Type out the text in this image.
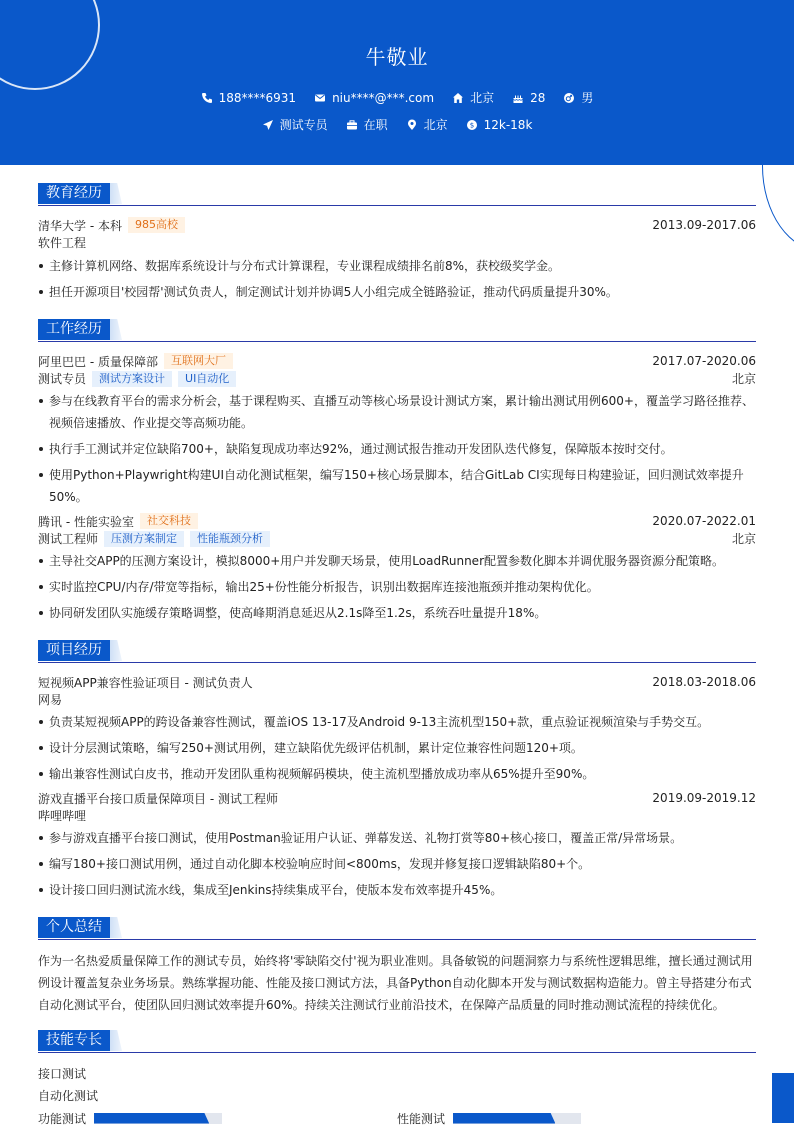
牛敬业
188****6931	niu****@***.com	北京	28	男
测试专员	在职	北京	$ 12k-18k
教育经历
清华大学 - 本科	985高校	2013.09-2017.06
软件工程
主修计算机网络、数据库系统设计与分布式计算课程，专业课程成绩排名前8%，获校级奖学金。
担任开源项目'校园帮'测试负责人，制定测试计划并协调5人小组完成全链路验证，推动代码质量提升30%。
工作经历
阿里巴巴 - 质量保障部	互联网大厂	2017.07-2020.06
测试专员	测试方案设计	UI自动化	北京
参与在线教育平台的需求分析会，基于课程购买、直播互动等核心场景设计测试方案，累计输出测试用例600+，覆盖学习路径推荐、
视频倍速播放、作业提交等高频功能。
执行手工测试并定位缺陷700+，缺陷复现成功率达92%，通过测试报告推动开发团队迭代修复，保障版本按时交付。
使用Python+Playwright构建UI自动化测试框架，编写150+核心场景脚本，结合GitLab CI实现每日构建验证，回归测试效率提升50%。
腾讯 - 性能实验室	社交科技	2020.07-2022.01
测试工程师	压测方案制定	性能瓶颈分析	北京
主导社交APP的压测方案设计，模拟8000+用户并发聊天场景，使用LoadRunner配置参数化脚本并调优服务器资源分配策略。
实时监控CPU/内存/带宽等指标，输出25+份性能分析报告，识别出数据库连接池瓶颈并推动架构优化。
协同研发团队实施缓存策略调整，使高峰期消息延迟从2.1s降至1.2s，系统吞吐量提升18%。
项目经历
短视频APP兼容性验证项目 - 测试负责人	2018.03-2018.06
网易
负责某短视频APP的跨设备兼容性测试，覆盖iOS 13-17及Android 9-13主流机型150+款，重点验证视频渲染与手势交互。
设计分层测试策略，编写250+测试用例，建立缺陷优先级评估机制，累计定位兼容性问题120+项。
输出兼容性测试白皮书，推动开发团队重构视频解码模块，使主流机型播放成功率从65%提升至90%。
游戏直播平台接口质量保障项目 - 测试工程师	2019.09-2019.12
哔哩哔哩
参与游戏直播平台接口测试，使用Postman验证用户认证、弹幕发送、礼物打赏等80+核心接口，覆盖正常/异常场景。
编写180+接口测试用例，通过自动化脚本校验响应时间<800ms，发现并修复接口逻辑缺陷80+个。
设计接口回归测试流水线，集成至Jenkins持续集成平台，使版本发布效率提升45%。
个人总结
作为一名热爱质量保障工作的测试专员，始终将'零缺陷交付'视为职业准则。具备敏锐的问题洞察力与系统性逻辑思维，擅长通过测试用
例设计覆盖复杂业务场景。熟练掌握功能、性能及接口测试方法，具备Python自动化脚本开发与测试数据构造能力。曾主导搭建分布式
自动化测试平台，使团队回归测试效率提升60%。持续关注测试行业前沿技术，在保障产品质量的同时推动测试流程的持续优化。
技能专长
接口测试
自动化测试
功能测试	性能测试
